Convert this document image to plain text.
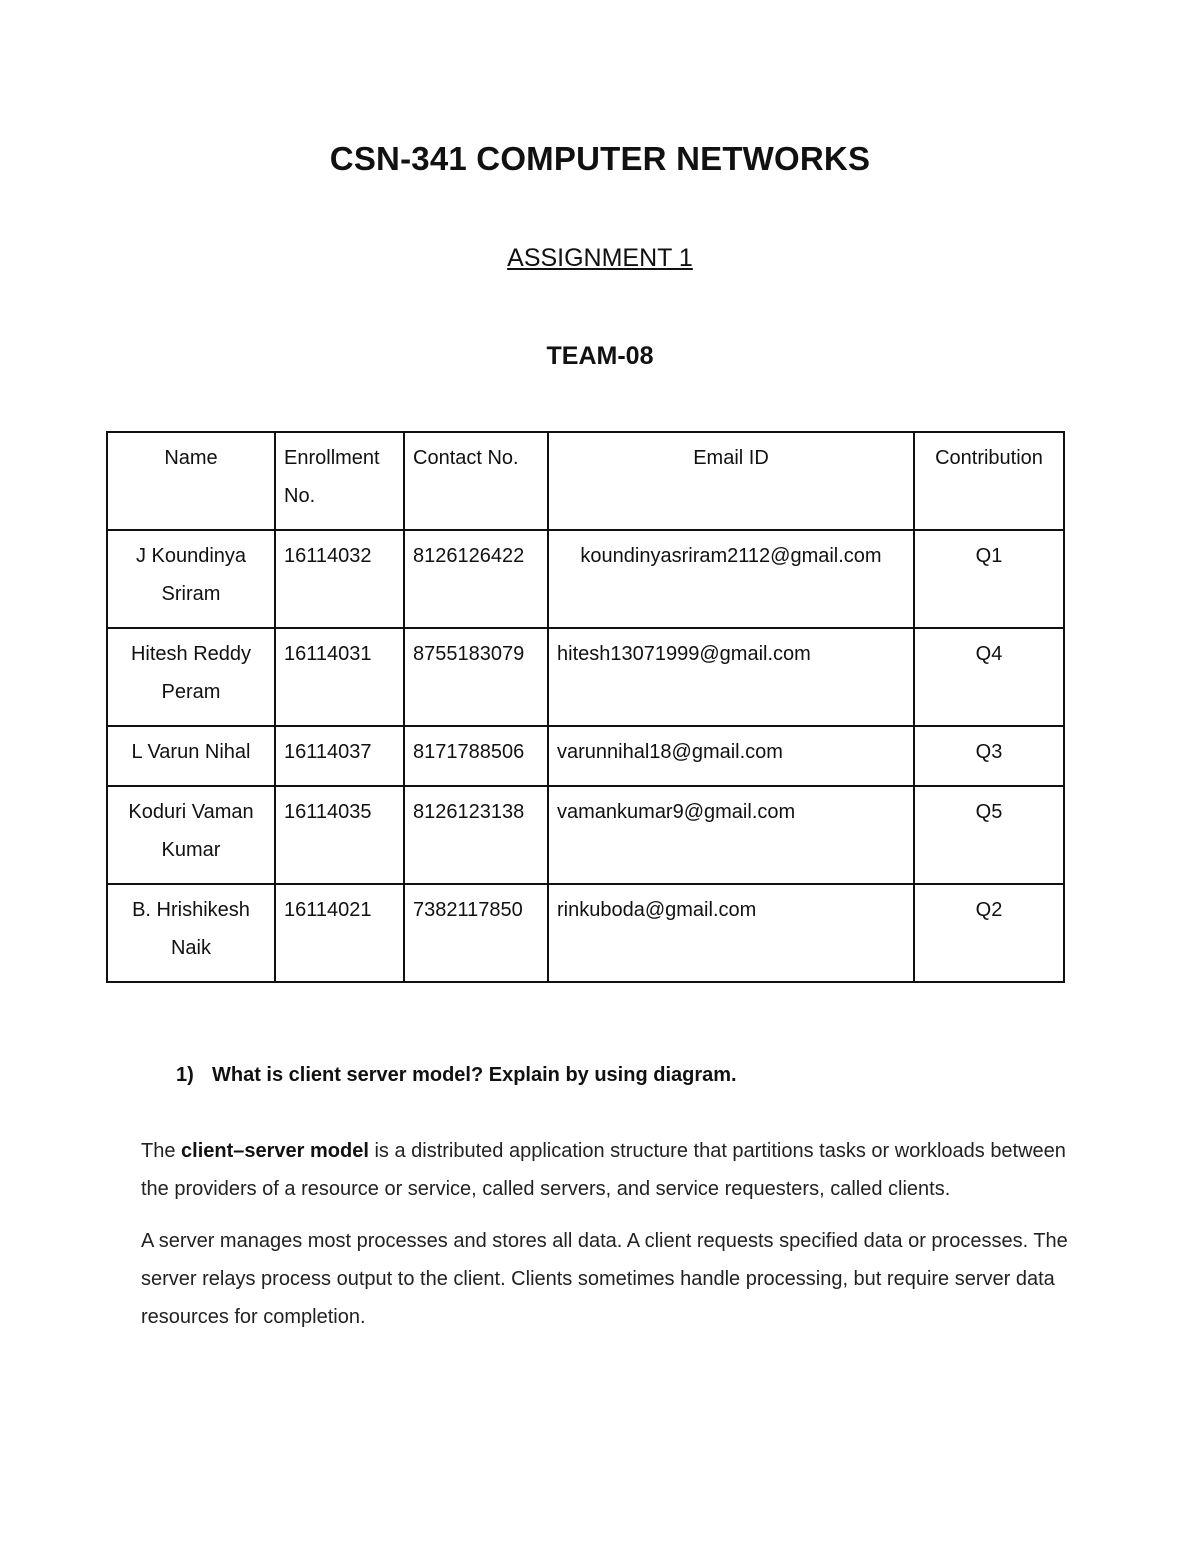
CSN-341 COMPUTER NETWORKS
ASSIGNMENT 1
TEAM-08
Name	Enrollment No.	Contact No.	Email ID	Contribution
J Koundinya Sriram	16114032	8126126422	koundinyasriram2112@gmail.com	Q1
Hitesh Reddy Peram	16114031	8755183079	hitesh13071999@gmail.com	Q4
L Varun Nihal	16114037	8171788506	varunnihal18@gmail.com	Q3
Koduri Vaman Kumar	16114035	8126123138	vamankumar9@gmail.com	Q5
B. Hrishikesh Naik	16114021	7382117850	rinkuboda@gmail.com	Q2
1) What is client server model? Explain by using diagram.

The client–server model is a distributed application structure that partitions tasks or workloads between the providers of a resource or service, called servers, and service requesters, called clients.

A server manages most processes and stores all data. A client requests specified data or processes. The server relays process output to the client. Clients sometimes handle processing, but require server data resources for completion.
